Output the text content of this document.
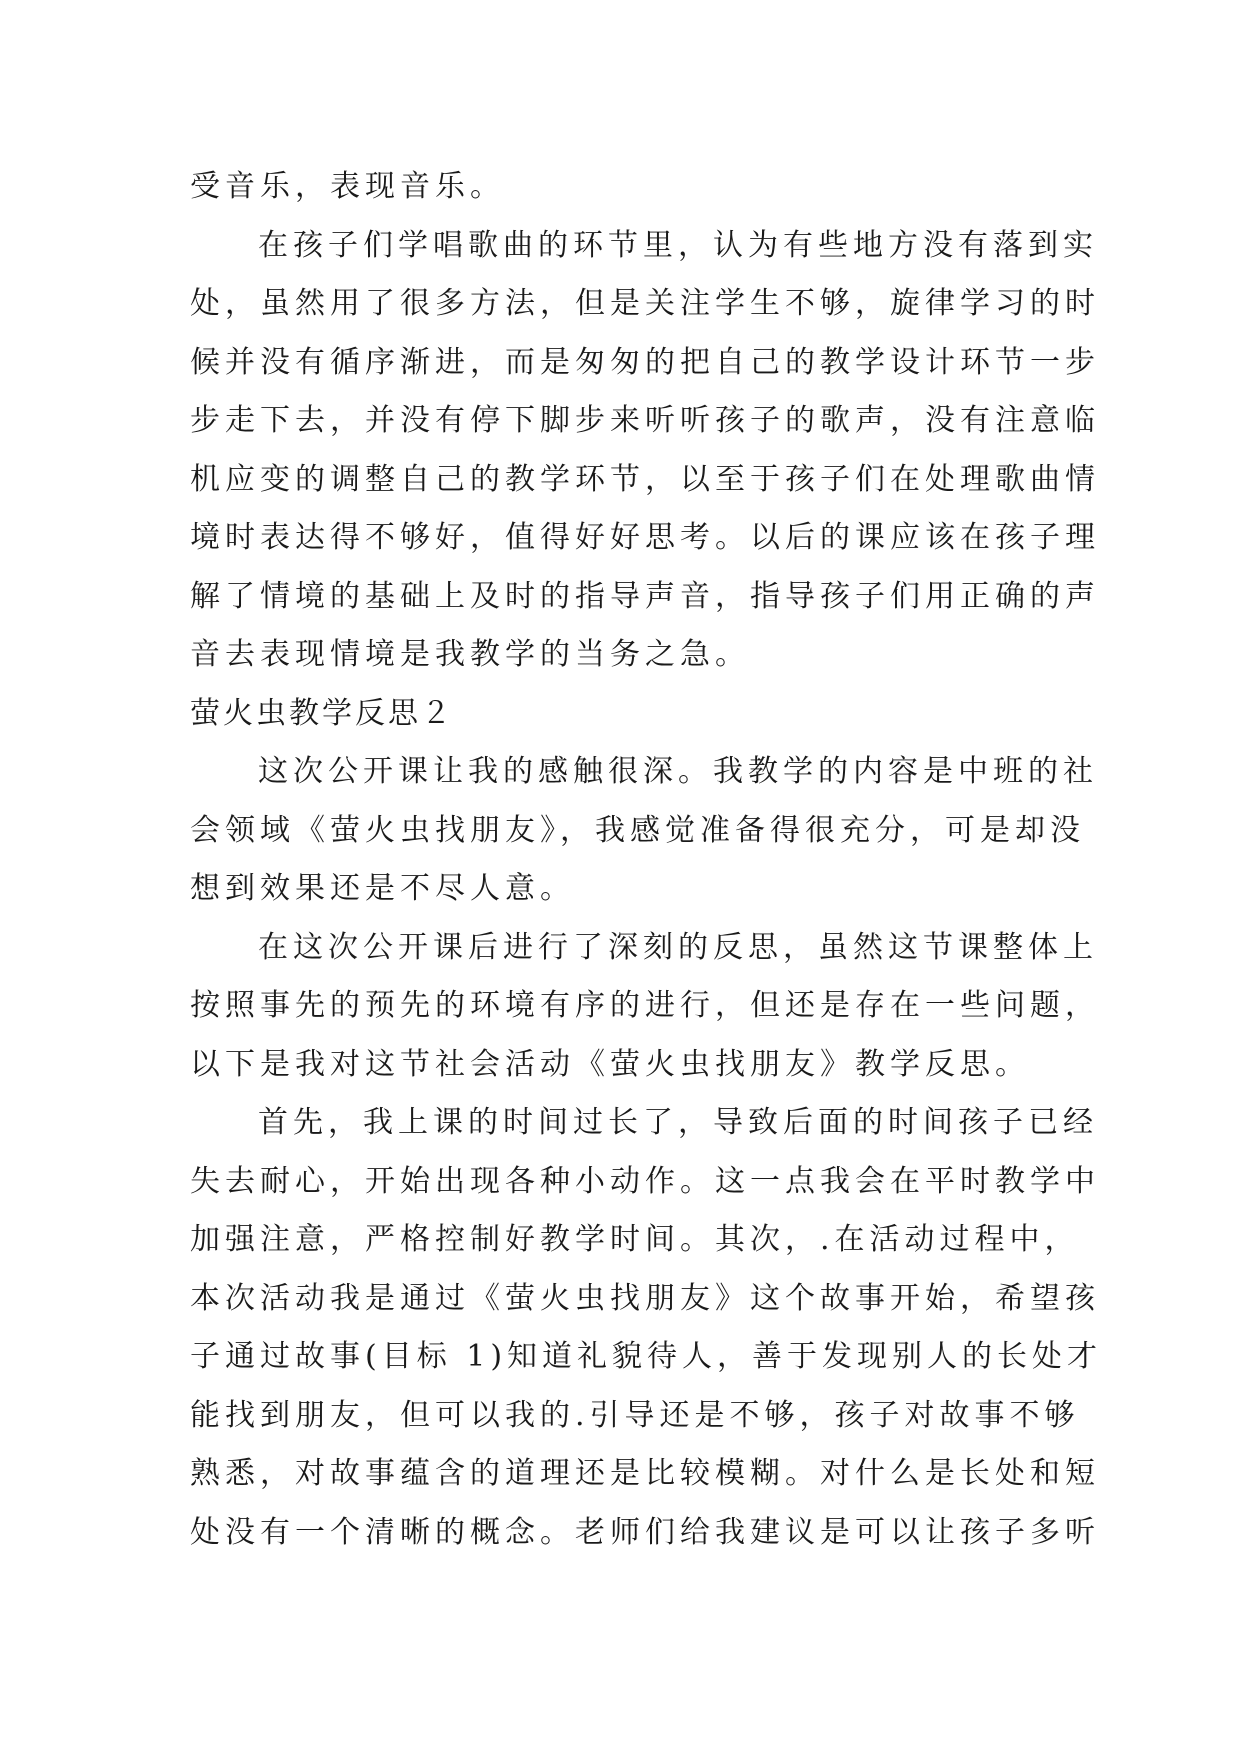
受音乐，表现音乐。
在孩子们学唱歌曲的环节里，认为有些地方没有落到实
处，虽然用了很多方法，但是关注学生不够，旋律学习的时
候并没有循序渐进，而是匆匆的把自己的教学设计环节一步
步走下去，并没有停下脚步来听听孩子的歌声，没有注意临
机应变的调整自己的教学环节，以至于孩子们在处理歌曲情
境时表达得不够好，值得好好思考。以后的课应该在孩子理
解了情境的基础上及时的指导声音，指导孩子们用正确的声
音去表现情境是我教学的当务之急。
萤火虫教学反思２
这次公开课让我的感触很深。我教学的内容是中班的社
会领域《萤火虫找朋友》，我感觉准备得很充分，可是却没
想到效果还是不尽人意。
在这次公开课后进行了深刻的反思，虽然这节课整体上
按照事先的预先的环境有序的进行，但还是存在一些问题，
以下是我对这节社会活动《萤火虫找朋友》教学反思。
首先，我上课的时间过长了，导致后面的时间孩子已经
失去耐心，开始出现各种小动作。这一点我会在平时教学中
加强注意，严格控制好教学时间。其次，.在活动过程中，
本次活动我是通过《萤火虫找朋友》这个故事开始，希望孩
子通过故事(目标 1)知道礼貌待人，善于发现别人的长处才
能找到朋友，但可以我的.引导还是不够，孩子对故事不够
熟悉，对故事蕴含的道理还是比较模糊。对什么是长处和短
处没有一个清晰的概念。老师们给我建议是可以让孩子多听
